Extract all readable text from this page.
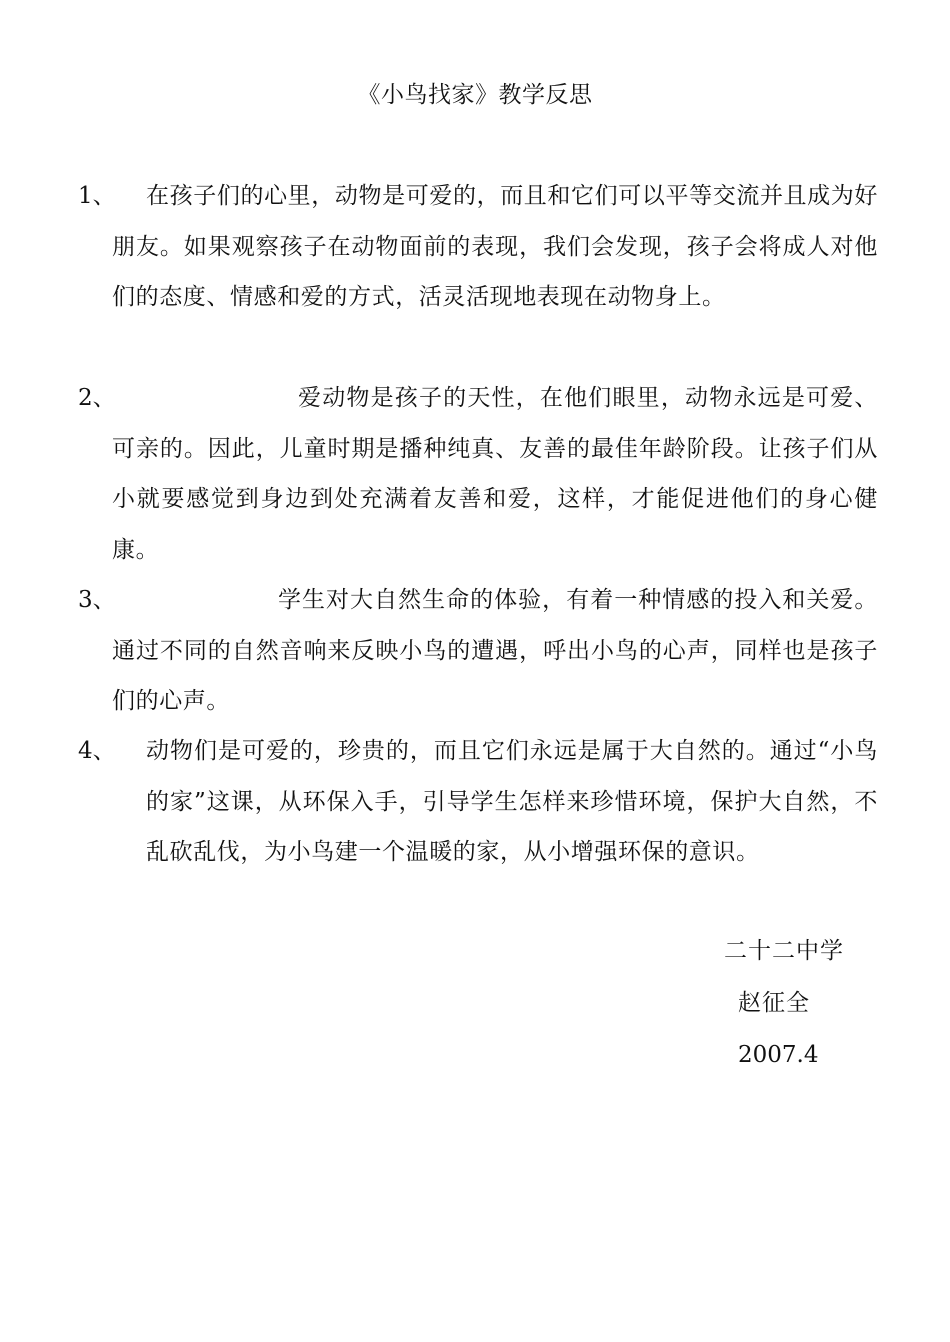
《小鸟找家》教学反思
1、	在孩子们的心里，动物是可爱的，而且和它们可以平等交流并且成为好朋友。如果观察孩子在动物面前的表现，我们会发现，孩子会将成人对他们的态度、情感和爱的方式，活灵活现地表现在动物身上。
2、	爱动物是孩子的天性，在他们眼里，动物永远是可爱、可亲的。因此，儿童时期是播种纯真、友善的最佳年龄阶段。让孩子们从小就要感觉到身边到处充满着友善和爱，这样，才能促进他们的身心健康。
3、	学生对大自然生命的体验，有着一种情感的投入和关爱。通过不同的自然音响来反映小鸟的遭遇，呼出小鸟的心声，同样也是孩子们的心声。
4、	动物们是可爱的，珍贵的，而且它们永远是属于大自然的。通过“小鸟的家”这课，从环保入手，引导学生怎样来珍惜环境，保护大自然，不乱砍乱伐，为小鸟建一个温暖的家，从小增强环保的意识。
二十二中学
赵征全
2007.4
